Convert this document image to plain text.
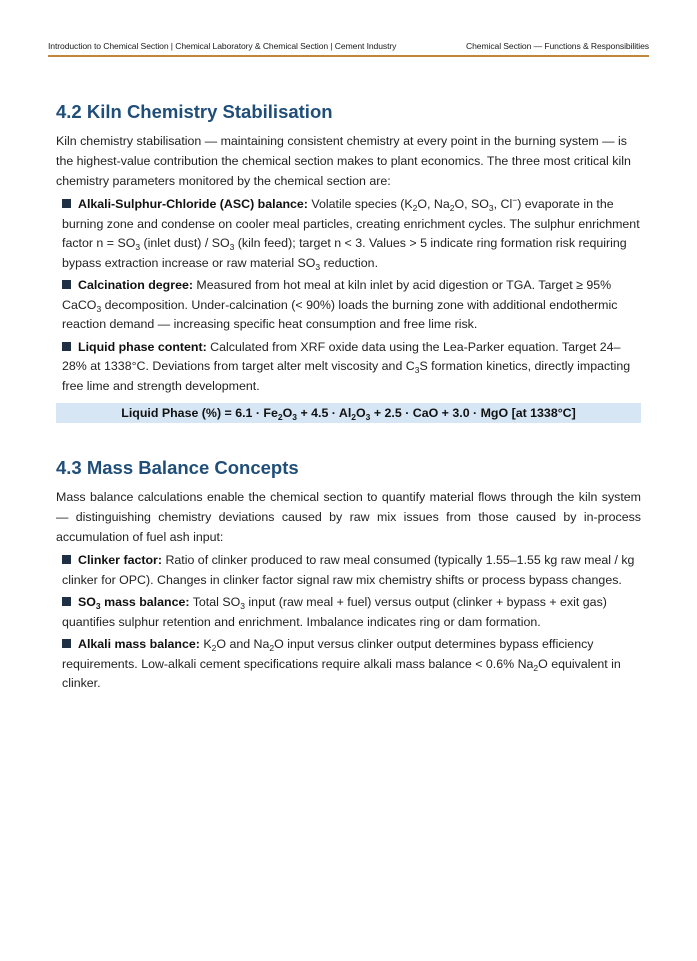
Introduction to Chemical Section | Chemical Laboratory & Chemical Section | Cement Industry	Chemical Section — Functions & Responsibilities
4.2 Kiln Chemistry Stabilisation

Kiln chemistry stabilisation — maintaining consistent chemistry at every point in the burning system — is the highest-value contribution the chemical section makes to plant economics. The three most critical kiln chemistry parameters monitored by the chemical section are:

Alkali-Sulphur-Chloride (ASC) balance: Volatile species ($K_2O$, $Na_2O$, $SO_3$, Cl−) evaporate in the burning zone and condense on cooler meal particles, creating enrichment cycles. The sulphur enrichment factor $n = SO_3$ (inlet dust) / $SO_3$ (kiln feed); target n < 3. Values > 5 indicate ring formation risk requiring bypass extraction increase or raw material $SO_3$ reduction.
Calcination degree: Measured from hot meal at kiln inlet by acid digestion or TGA. Target ≥ 95% CaCO$_3$ decomposition. Under-calcination (< 90%) loads the burning zone with additional endothermic reaction demand — increasing specific heat consumption and free lime risk.
Liquid phase content: Calculated from XRF oxide data using the Lea-Parker equation. Target 24–28% at 1338°C. Deviations from target alter melt viscosity and $C_3S$ formation kinetics, directly impacting free lime and strength development.
Liquid Phase (%) = $6.1 \cdot Fe_2O_3 + 4.5 \cdot Al_2O_3 + 2.5$ · CaO + 3.0 · MgO [at 1338°C]
4.3 Mass Balance Concepts

Mass balance calculations enable the chemical section to quantify material flows through the kiln system — distinguishing chemistry deviations caused by raw mix issues from those caused by in-process accumulation of fuel ash input:

Clinker factor: Ratio of clinker produced to raw meal consumed (typically 1.55–1.55 kg raw meal / kg clinker for OPC). Changes in clinker factor signal raw mix chemistry shifts or process bypass changes.
$SO_3$ mass balance: Total $SO_3$ input (raw meal + fuel) versus output (clinker + bypass + exit gas) quantifies sulphur retention and enrichment. Imbalance indicates ring or dam formation.
Alkali mass balance: $K_2O$ and $Na_2O$ input versus clinker output determines bypass efficiency requirements. Low-alkali cement specifications require alkali mass balance < 0.6% $Na_2O$ equivalent in clinker.
